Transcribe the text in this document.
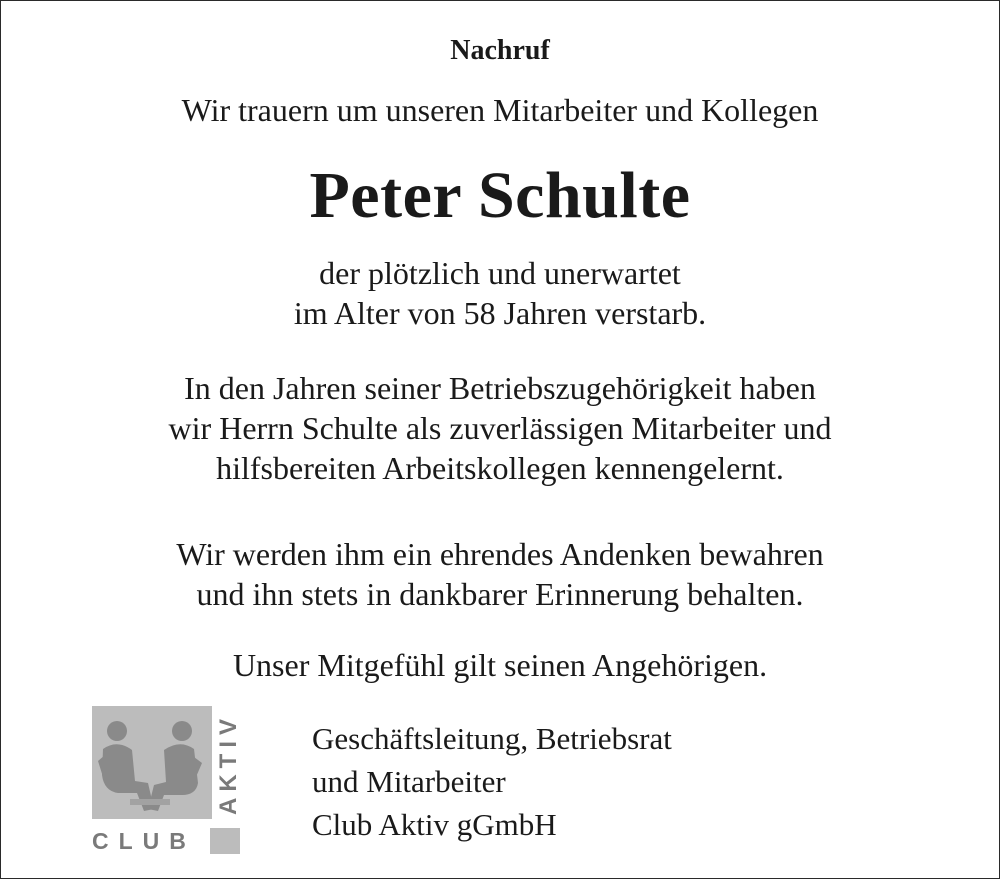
Nachruf
Wir trauern um unseren Mitarbeiter und Kollegen
Peter Schulte
der plötzlich und unerwartet
im Alter von 58 Jahren verstarb.
In den Jahren seiner Betriebszugehörigkeit haben
wir Herrn Schulte als zuverlässigen Mitarbeiter und
hilfsbereiten Arbeitskollegen kennengelernt.
Wir werden ihm ein ehrendes Andenken bewahren
und ihn stets in dankbarer Erinnerung behalten.
Unser Mitgefühl gilt seinen Angehörigen.
AKTIV
CLUB
Geschäftsleitung, Betriebsrat
und Mitarbeiter
Club Aktiv gGmbH
